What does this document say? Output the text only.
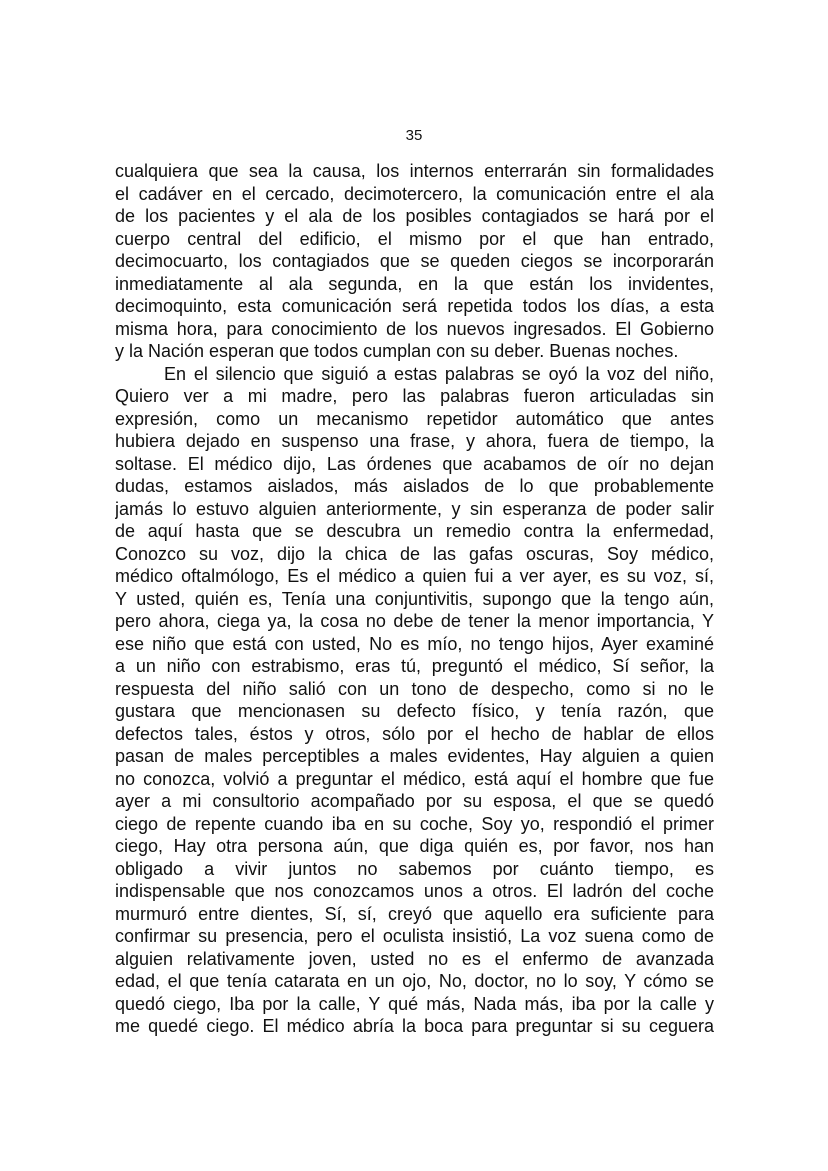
35
cualquiera que sea la causa, los internos enterrarán sin formalidades
el cadáver en el cercado, decimotercero, la comunicación entre el ala
de los pacientes y el ala de los posibles contagiados se hará por el
cuerpo central del edificio, el mismo por el que han entrado,
decimocuarto, los contagiados que se queden ciegos se incorporarán
inmediatamente al ala segunda, en la que están los invidentes,
decimoquinto, esta comunicación será repetida todos los días, a esta
misma hora, para conocimiento de los nuevos ingresados. El Gobierno
y la Nación esperan que todos cumplan con su deber. Buenas noches.
En el silencio que siguió a estas palabras se oyó la voz del niño,
Quiero ver a mi madre, pero las palabras fueron articuladas sin
expresión, como un mecanismo repetidor automático que antes
hubiera dejado en suspenso una frase, y ahora, fuera de tiempo, la
soltase. El médico dijo, Las órdenes que acabamos de oír no dejan
dudas, estamos aislados, más aislados de lo que probablemente
jamás lo estuvo alguien anteriormente, y sin esperanza de poder salir
de aquí hasta que se descubra un remedio contra la enfermedad,
Conozco su voz, dijo la chica de las gafas oscuras, Soy médico,
médico oftalmólogo, Es el médico a quien fui a ver ayer, es su voz, sí,
Y usted, quién es, Tenía una conjuntivitis, supongo que la tengo aún,
pero ahora, ciega ya, la cosa no debe de tener la menor importancia, Y
ese niño que está con usted, No es mío, no tengo hijos, Ayer examiné
a un niño con estrabismo, eras tú, preguntó el médico, Sí señor, la
respuesta del niño salió con un tono de despecho, como si no le
gustara que mencionasen su defecto físico, y tenía razón, que
defectos tales, éstos y otros, sólo por el hecho de hablar de ellos
pasan de males perceptibles a males evidentes, Hay alguien a quien
no conozca, volvió a preguntar el médico, está aquí el hombre que fue
ayer a mi consultorio acompañado por su esposa, el que se quedó
ciego de repente cuando iba en su coche, Soy yo, respondió el primer
ciego, Hay otra persona aún, que diga quién es, por favor, nos han
obligado a vivir juntos no sabemos por cuánto tiempo, es
indispensable que nos conozcamos unos a otros. El ladrón del coche
murmuró entre dientes, Sí, sí, creyó que aquello era suficiente para
confirmar su presencia, pero el oculista insistió, La voz suena como de
alguien relativamente joven, usted no es el enfermo de avanzada
edad, el que tenía catarata en un ojo, No, doctor, no lo soy, Y cómo se
quedó ciego, Iba por la calle, Y qué más, Nada más, iba por la calle y
me quedé ciego. El médico abría la boca para preguntar si su ceguera
